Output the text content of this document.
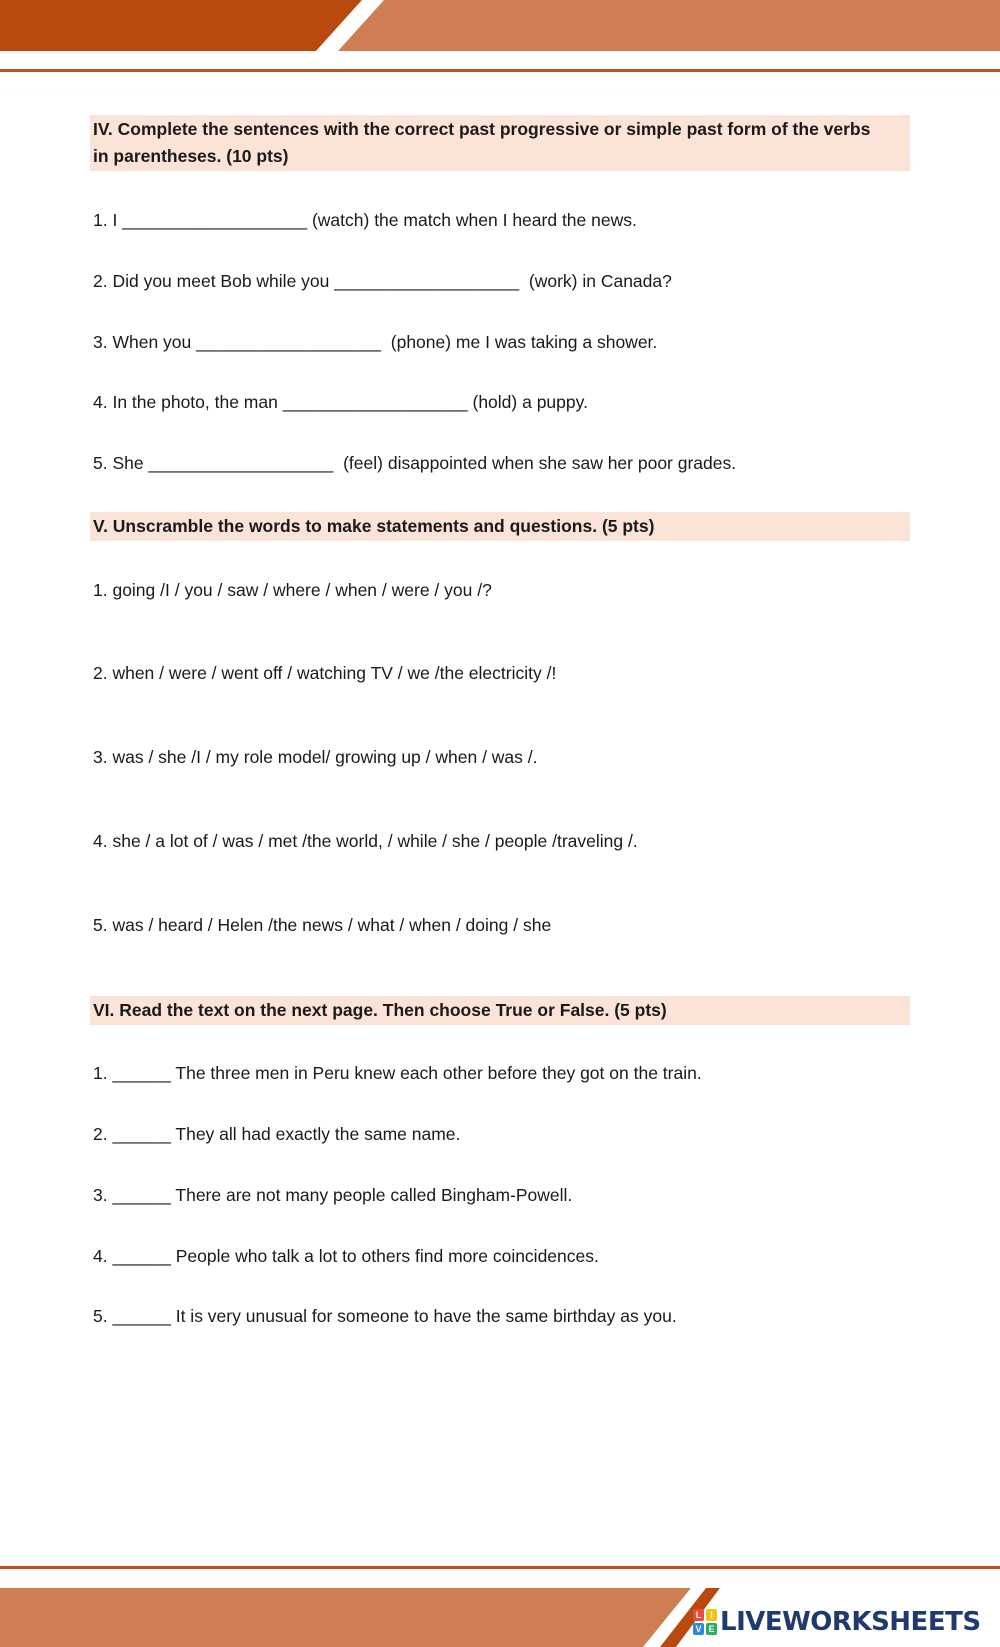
IV. Complete the sentences with the correct past progressive or simple past form of the verbs
in parentheses. (10 pts)
1. I ___________________ (watch) the match when I heard the news.
2. Did you meet Bob while you ___________________  (work) in Canada?
3. When you ___________________  (phone) me I was taking a shower.
4. In the photo, the man ___________________ (hold) a puppy.
5. She ___________________  (feel) disappointed when she saw her poor grades.
V. Unscramble the words to make statements and questions. (5 pts)
1. going /I / you / saw / where / when / were / you /?
2. when / were / went off / watching TV / we /the electricity /!
3. was / she /I / my role model/ growing up / when / was /.
4. she / a lot of / was / met /the world, / while / she / people /traveling /.
5. was / heard / Helen /the news / what / when / doing / she
VI. Read the text on the next page. Then choose True or False. (5 pts)
1. ______ The three men in Peru knew each other before they got on the train.
2. ______ They all had exactly the same name.
3. ______ There are not many people called Bingham-Powell.
4. ______ People who talk a lot to others find more coincidences.
5. ______ It is very unusual for someone to have the same birthday as you.
L I
V E LIVEWORKSHEETS
